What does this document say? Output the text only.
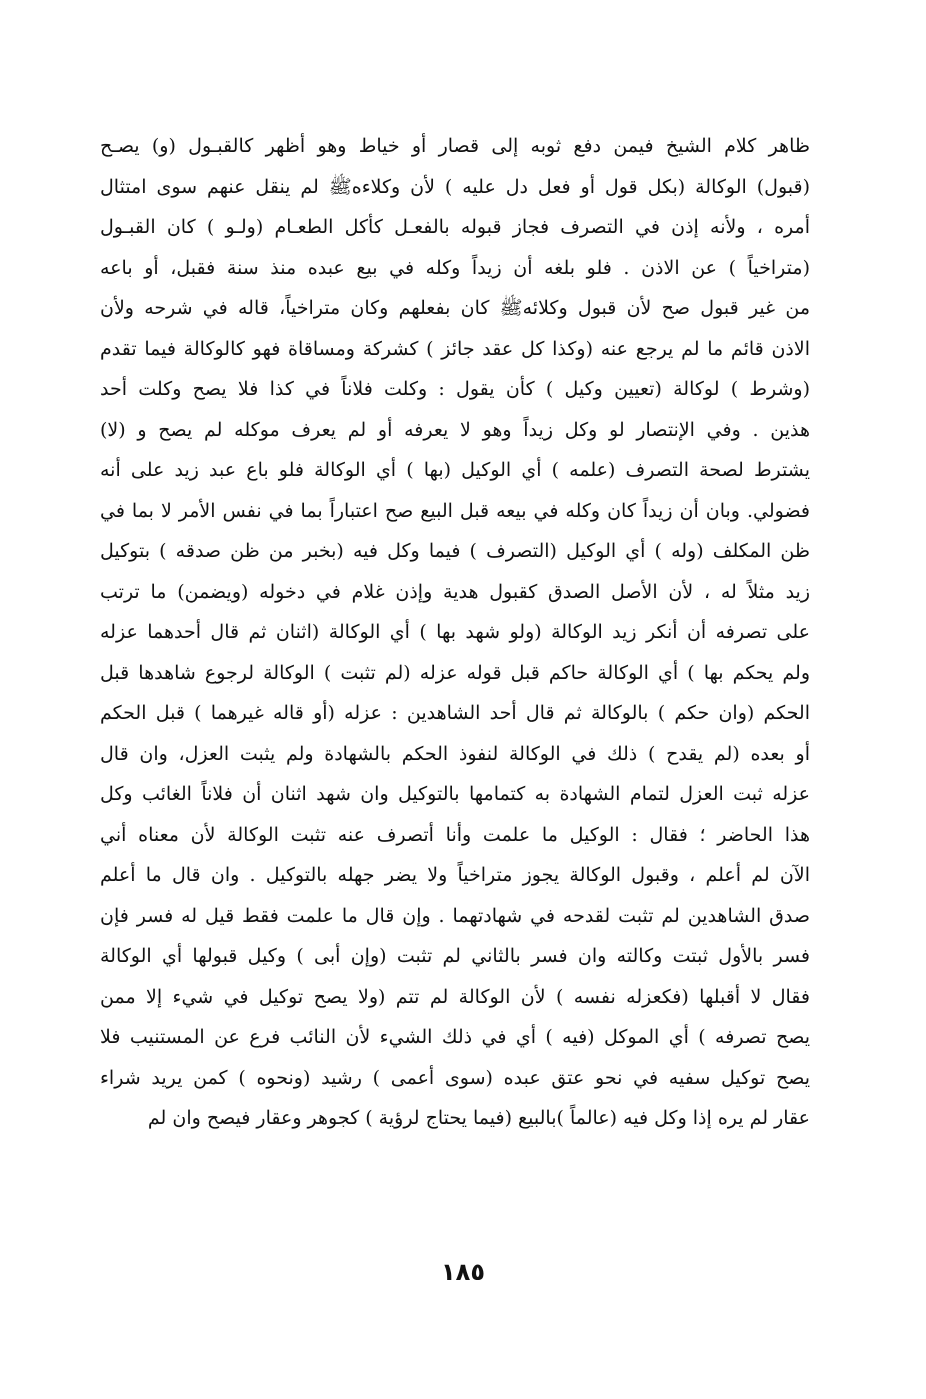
ظاهر كلام الشيخ فيمن دفع ثوبه إلى قصار أو خياط وهو أظهر كالقبـول (و) يصـح
(قبول) الوكالة (بكل قول أو فعل دل عليه ) لأن وكلاءهﷺ لم ينقل عنهم سوى امتثال
أمره ، ولأنه إذن في التصرف فجاز قبوله بالفعـل كأكل الطعـام (ولـو ) كان القبـول
(متراخياً ) عن الاذن . فلو بلغه أن زيداً وكله في بيع عبده منذ سنة فقبل، أو باعه
من غير قبول صح لأن قبول وكلائهﷺ كان بفعلهم وكان متراخياً، قاله في شرحه ولأن
الاذن قائم ما لم يرجع عنه (وكذا كل عقد جائز ) كشركة ومساقاة فهو كالوكالة فيما تقدم
(وشرط ) لوكالة (تعيين وكيل ) كأن يقول : وكلت فلاناً في كذا فلا يصح وكلت أحد
هذين . وفي الإنتصار لو وكل زيداً وهو لا يعرفه أو لم يعرف موكله لم يصح و (لا)
يشترط لصحة التصرف (علمه ) أي الوكيل (بها ) أي الوكالة فلو باع عبد زيد على أنه
فضولي. وبان أن زيداً كان وكله في بيعه قبل البيع صح اعتباراً بما في نفس الأمر لا بما في
ظن المكلف (وله ) أي الوكيل (التصرف ) فيما وكل فيه (بخبر من ظن صدقه ) بتوكيل
زيد مثلاً له ، لأن الأصل الصدق كقبول هدية وإذن غلام في دخوله (ويضمن) ما ترتب
على تصرفه أن أنكر زيد الوكالة (ولو شهد بها ) أي الوكالة (اثنان ثم قال أحدهما عزله
ولم يحكم بها ) أي الوكالة حاكم قبل قوله عزله (لم تثبت ) الوكالة لرجوع شاهدها قبل
الحكم (وان حكم ) بالوكالة ثم قال أحد الشاهدين : عزله (أو قاله غيرهما ) قبل الحكم
أو بعده (لم يقدح ) ذلك في الوكالة لنفوذ الحكم بالشهادة ولم يثبت العزل، وان قال
عزله ثبت العزل لتمام الشهادة به كتمامها بالتوكيل وان شهد اثنان أن فلاناً الغائب وكل
هذا الحاضر ؛ فقال : الوكيل ما علمت وأنا أتصرف عنه تثبت الوكالة لأن معناه أني
الآن لم أعلم ، وقبول الوكالة يجوز متراخياً ولا يضر جهله بالتوكيل . وان قال ما أعلم
صدق الشاهدين لم تثبت لقدحه في شهادتهما . وإن قال ما علمت فقط قيل له فسر فإن
فسر بالأول ثبتت وكالته وان فسر بالثاني لم تثبت (وإن أبى ) وكيل قبولها أي الوكالة
فقال لا أقبلها (فكعزله نفسه ) لأن الوكالة لم تتم (ولا يصح توكيل في شيء إلا ممن
يصح تصرفه ) أي الموكل (فيه ) أي في ذلك الشيء لأن النائب فرع عن المستنيب فلا
يصح توكيل سفيه في نحو عتق عبده (سوى أعمى ) رشيد (ونحوه ) كمن يريد شراء
عقار لم يره إذا وكل فيه (عالماً )بالبيع (فيما يحتاج لرؤية ) كجوهر وعقار فيصح وان لم
١٨٥
